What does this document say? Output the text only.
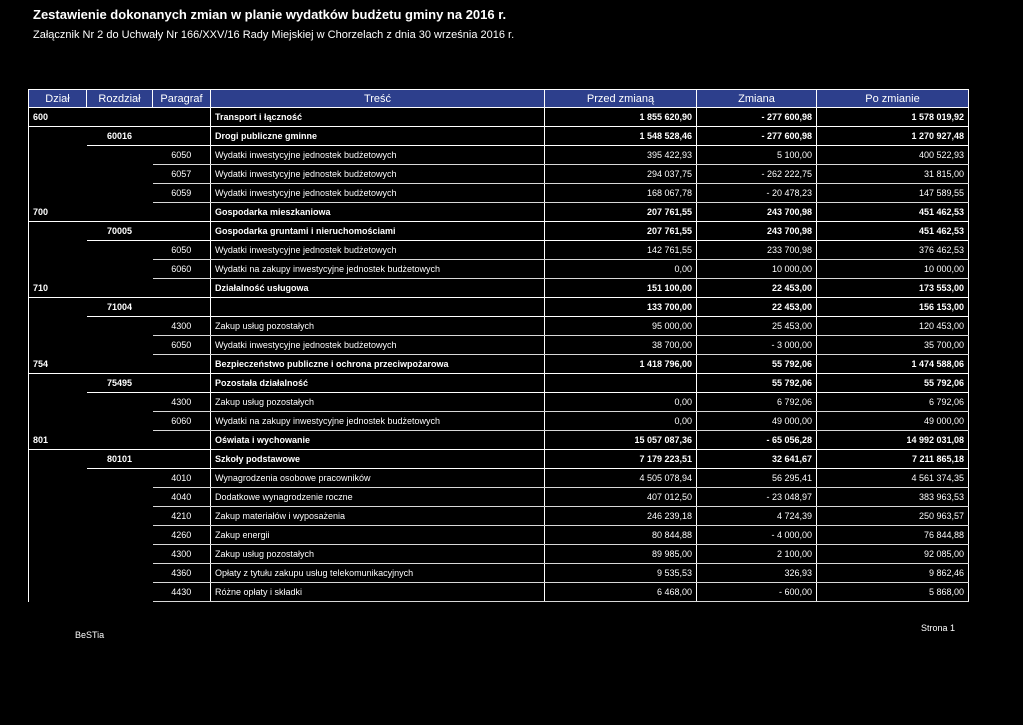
Zestawienie dokonanych zmian w planie wydatków budżetu gminy na 2016 r.
Załącznik Nr 2 do Uchwały Nr 166/XXV/16 Rady Miejskiej w Chorzelach z dnia 30 września 2016 r.
Dział	Rozdział	Paragraf	Treść	Przed zmianą	Zmiana	Po zmianie
600			Transport i łączność	1 855 620,90	- 277 600,98	1 578 019,92
	60016		Drogi publiczne gminne	1 548 528,46	- 277 600,98	1 270 927,48
		6050	Wydatki inwestycyjne jednostek budżetowych	395 422,93	5 100,00	400 522,93
		6057	Wydatki inwestycyjne jednostek budżetowych	294 037,75	- 262 222,75	31 815,00
		6059	Wydatki inwestycyjne jednostek budżetowych	168 067,78	- 20 478,23	147 589,55
700			Gospodarka mieszkaniowa	207 761,55	243 700,98	451 462,53
	70005		Gospodarka gruntami i nieruchomościami	207 761,55	243 700,98	451 462,53
		6050	Wydatki inwestycyjne jednostek budżetowych	142 761,55	233 700,98	376 462,53
		6060	Wydatki na zakupy inwestycyjne jednostek budżetowych	0,00	10 000,00	10 000,00
710			Działalność usługowa	151 100,00	22 453,00	173 553,00
	71004			133 700,00	22 453,00	156 153,00
		4300	Zakup usług pozostałych	95 000,00	25 453,00	120 453,00
		6050	Wydatki inwestycyjne jednostek budżetowych	38 700,00	- 3 000,00	35 700,00
754			Bezpieczeństwo publiczne i ochrona przeciwpożarowa	1 418 796,00	55 792,06	1 474 588,06
	75495		Pozostała działalność		55 792,06	55 792,06
		4300	Zakup usług pozostałych	0,00	6 792,06	6 792,06
		6060	Wydatki na zakupy inwestycyjne jednostek budżetowych	0,00	49 000,00	49 000,00
801			Oświata i wychowanie	15 057 087,36	- 65 056,28	14 992 031,08
	80101		Szkoły podstawowe	7 179 223,51	32 641,67	7 211 865,18
		4010	Wynagrodzenia osobowe pracowników	4 505 078,94	56 295,41	4 561 374,35
		4040	Dodatkowe wynagrodzenie roczne	407 012,50	- 23 048,97	383 963,53
		4210	Zakup materiałów i wyposażenia	246 239,18	4 724,39	250 963,57
		4260	Zakup energii	80 844,88	- 4 000,00	76 844,88
		4300	Zakup usług pozostałych	89 985,00	2 100,00	92 085,00
		4360	Opłaty z tytułu zakupu usług telekomunikacyjnych	9 535,53	326,93	9 862,46
		4430	Różne opłaty i składki	6 468,00	- 600,00	5 868,00
BeSTia
Strona 1
